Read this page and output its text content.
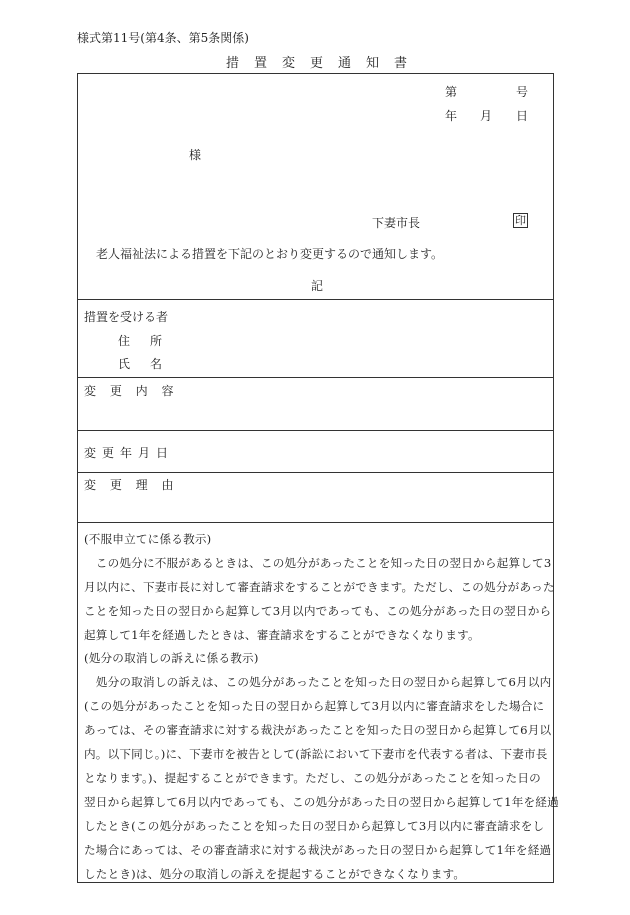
様式第11号(第4条、第5条関係)
措置変更通知書
第	号
年 月 日
様
下妻市長	印
老人福祉法による措置を下記のとおり変更するので通知します。
記
措置を受ける者
住　所
氏　名
変 更 内 容
変更年月日
変 更 理 由
(不服申立てに係る教示)
　この処分に不服があるときは、この処分があったことを知った日の翌日から起算して3
月以内に、下妻市長に対して審査請求をすることができます。ただし、この処分があった
ことを知った日の翌日から起算して3月以内であっても、この処分があった日の翌日から
起算して1年を経過したときは、審査請求をすることができなくなります。
(処分の取消しの訴えに係る教示)
　処分の取消しの訴えは、この処分があったことを知った日の翌日から起算して6月以内
(この処分があったことを知った日の翌日から起算して3月以内に審査請求をした場合に
あっては、その審査請求に対する裁決があったことを知った日の翌日から起算して6月以
内。以下同じ。)に、下妻市を被告として(訴訟において下妻市を代表する者は、下妻市長
となります。)、提起することができます。ただし、この処分があったことを知った日の
翌日から起算して6月以内であっても、この処分があった日の翌日から起算して1年を経過
したとき(この処分があったことを知った日の翌日から起算して3月以内に審査請求をし
た場合にあっては、その審査請求に対する裁決があった日の翌日から起算して1年を経過
したとき)は、処分の取消しの訴えを提起することができなくなります。
